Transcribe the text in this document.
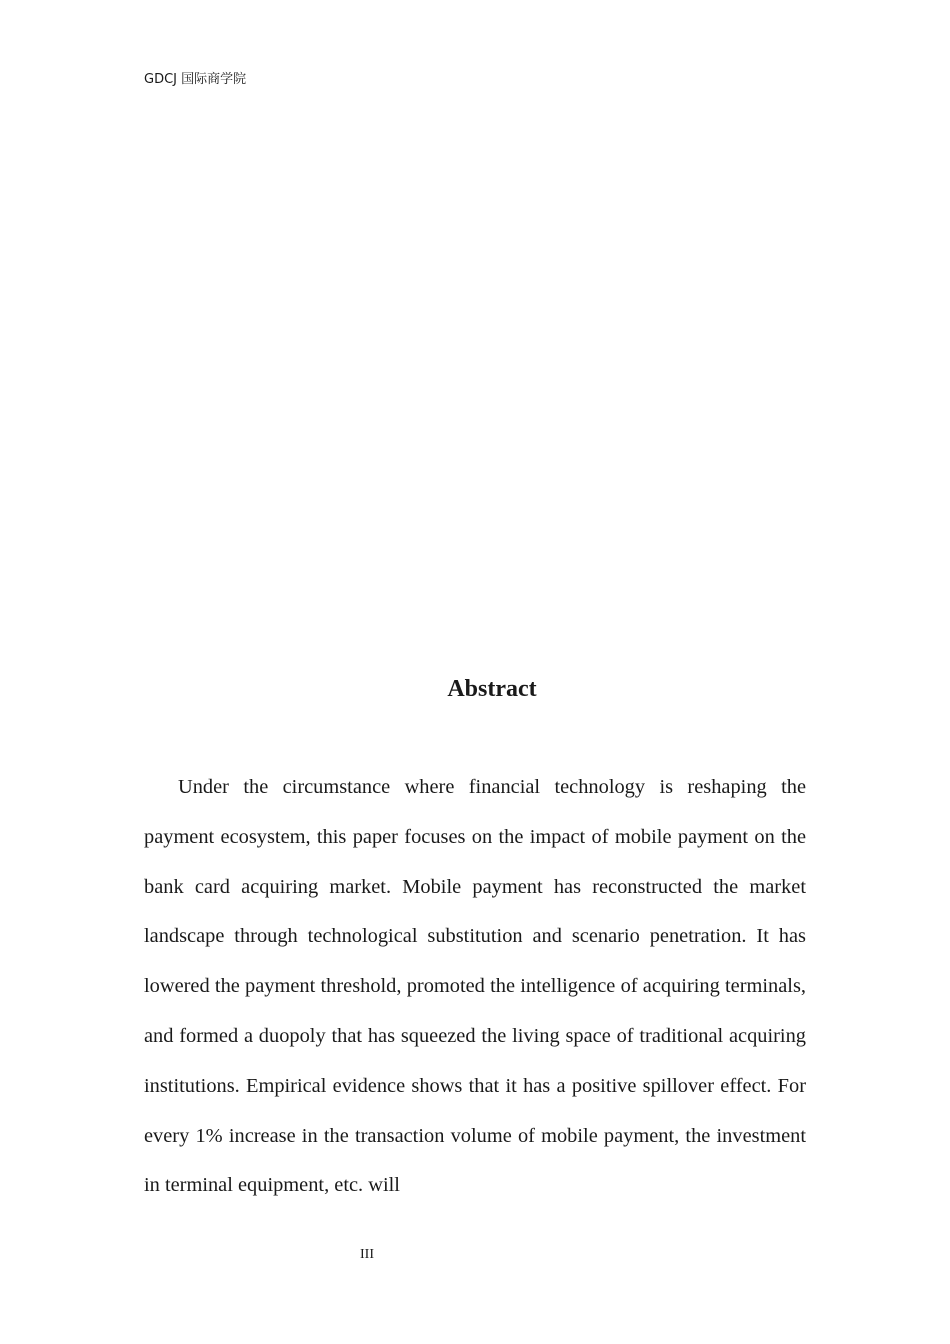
GDCJ 国际商学院
Abstract

Under the circumstance where financial technology is reshaping the payment ecosystem, this paper focuses on the impact of mobile payment on the bank card acquiring market. Mobile payment has reconstructed the market landscape through technological substitution and scenario penetration. It has lowered the payment threshold, promoted the intelligence of acquiring terminals, and formed a duopoly that has squeezed the living space of traditional acquiring institutions. Empirical evidence shows that it has a positive spillover effect. For every 1% increase in the transaction volume of mobile payment, the investment in terminal equipment, etc. will

III
